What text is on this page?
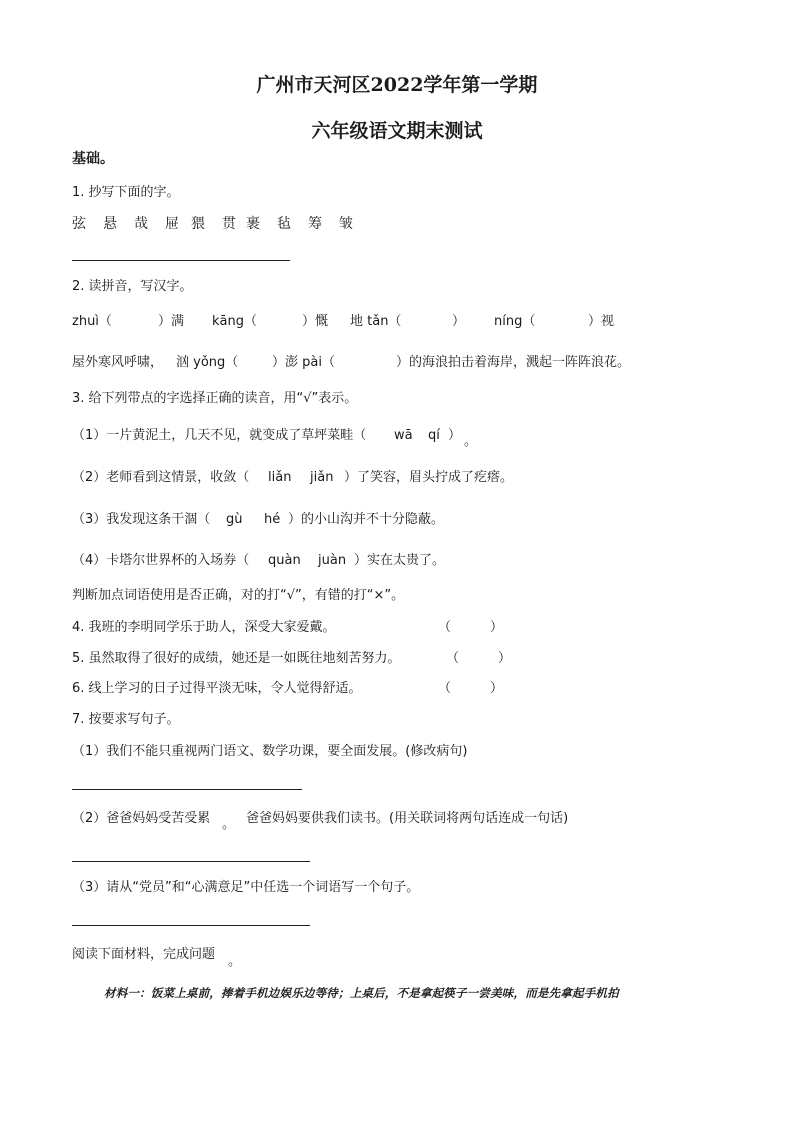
广州市天河区2022学年第一学期
六年级语文期末测试
基础。
1. 抄写下面的字。
弦 悬 哉 屉 猥 贯 裹 毡 筹 皱
2. 读拼音，写汉字。
zhuì（	）满 kāng（	）慨 地 tǎn（	） níng（	）视
屋外寒风呼啸， 汹 yǒng（	）澎 pài（	）的海浪拍击着海岸，溅起一阵阵浪花。
3. 给下列带点的字选择正确的读音，用“√”表示。
（1）一片黄泥土，几天不见，就变成了草坪菜畦（ wā qí ） 。
（2）老师看到这情景，收敛（ liǎn jiǎn ）了笑容，眉头拧成了疙瘩。
（3）我发现这条干涸（ gù hé ）的小山沟并不十分隐蔽。
（4）卡塔尔世界杯的入场券（ quàn juàn ）实在太贵了。
判断加点词语使用是否正确，对的打“√”，有错的打“×”。
4. 我班的李明同学乐于助人，深受大家爱戴。	（　　　）
5. 虽然取得了很好的成绩，她还是一如既往地刻苦努力。	（　　　）
6. 线上学习的日子过得平淡无味，令人觉得舒适。	（　　　）
7. 按要求写句子。
（1）我们不能只重视两门语文、数学功课，要全面发展。(修改病句)
（2）爸爸妈妈受苦受累 。 爸爸妈妈要供我们读书。(用关联词将两句话连成一句话)
（3）请从“党员”和“心满意足”中任选一个词语写一个句子。
阅读下面材料，完成问题 。
材料一：饭菜上桌前，捧着手机边娱乐边等待；上桌后，不是拿起筷子一尝美味，而是先拿起手机拍
